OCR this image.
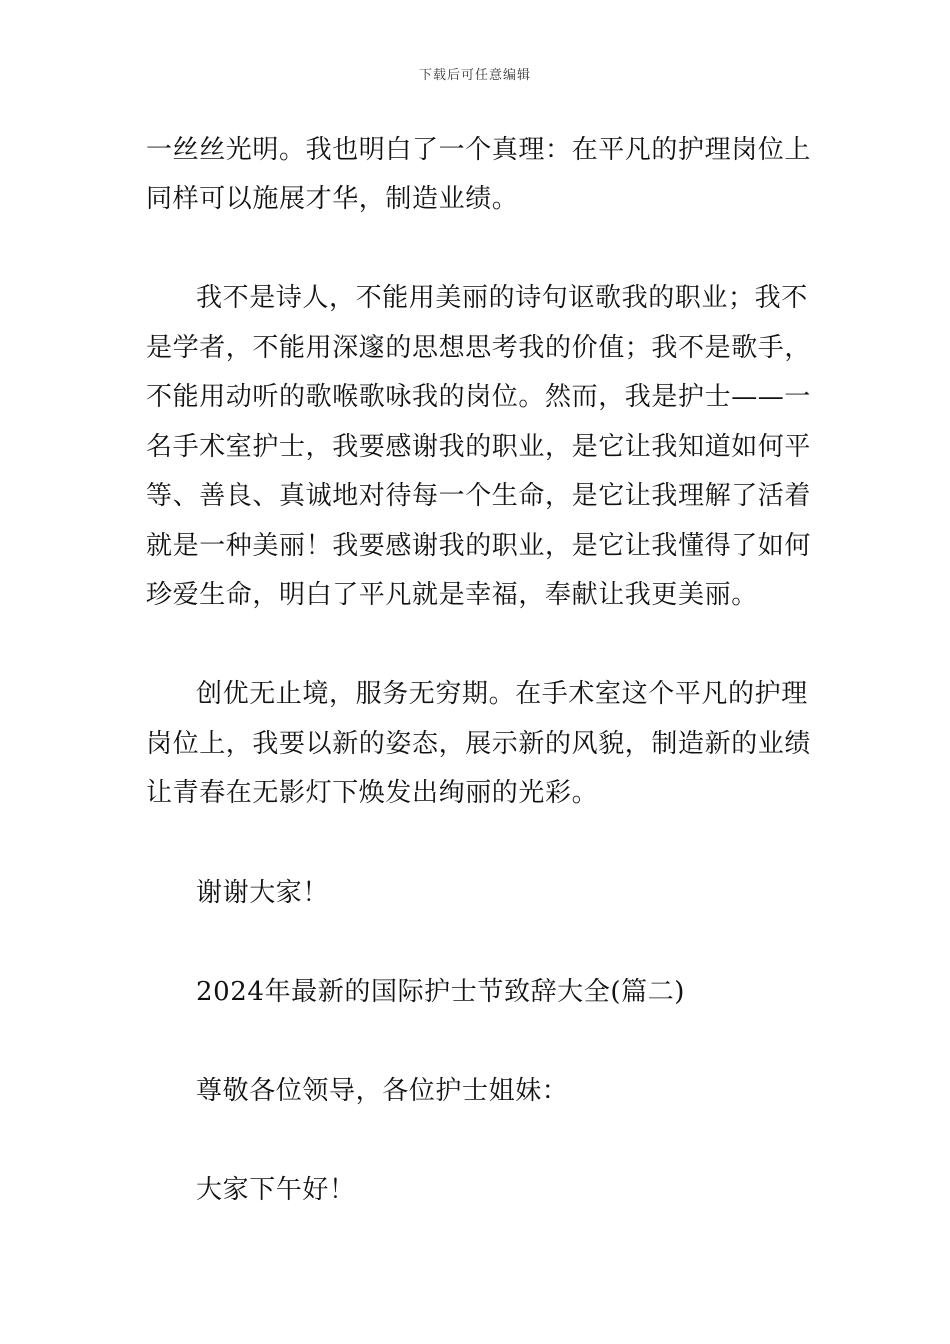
下载后可任意编辑
一丝丝光明。我也明白了一个真理：在平凡的护理岗位上
同样可以施展才华，制造业绩。
我不是诗人，不能用美丽的诗句讴歌我的职业；我不
是学者，不能用深邃的思想思考我的价值；我不是歌手，
不能用动听的歌喉歌咏我的岗位。然而，我是护士——一
名手术室护士，我要感谢我的职业，是它让我知道如何平
等、善良、真诚地对待每一个生命，是它让我理解了活着
就是一种美丽！我要感谢我的职业，是它让我懂得了如何
珍爱生命，明白了平凡就是幸福，奉献让我更美丽。
创优无止境，服务无穷期。在手术室这个平凡的护理
岗位上，我要以新的姿态，展示新的风貌，制造新的业绩
让青春在无影灯下焕发出绚丽的光彩。
谢谢大家！
2024年最新的国际护士节致辞大全(篇二)
尊敬各位领导，各位护士姐妹：
大家下午好！
